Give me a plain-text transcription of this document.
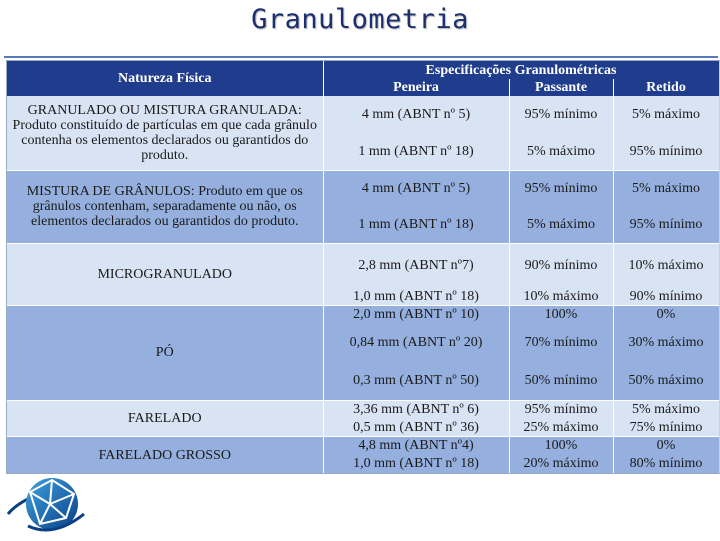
Granulometria
Natureza Física	Especificações Granulométricas		
	Peneira	Passante	Retido
GRANULADO OU MISTURA GRANULADA: Produto constituído de partículas em que cada grânulo contenha os elementos declarados ou garantidos do produto.	4 mm (ABNT nº 5)	95% mínimo	5% máximo
	1 mm (ABNT nº 18)	5% máximo	95% mínimo
MISTURA DE GRÂNULOS: Produto em que os grânulos contenham, separadamente ou não, os elementos declarados ou garantidos do produto.	4 mm (ABNT nº 5)	95% mínimo	5% máximo
	1 mm (ABNT nº 18)	5% máximo	95% mínimo
MICROGRANULADO	2,8 mm (ABNT nº7)	90% mínimo	10% máximo
	1,0 mm (ABNT nº 18)	10% máximo	90% mínimo
PÓ	2,0 mm (ABNT nº 10)	100%	0%
	0,84 mm (ABNT nº 20)	70% mínimo	30% máximo
	0,3 mm (ABNT nº 50)	50% mínimo	50% máximo
FARELADO	3,36 mm (ABNT nº 6)	95% mínimo	5% máximo
	0,5 mm (ABNT nº 36)	25% máximo	75% mínimo
FARELADO GROSSO	4,8 mm (ABNT nº4)	100%	0%
	1,0 mm (ABNT nº 18)	20% máximo	80% mínimo
